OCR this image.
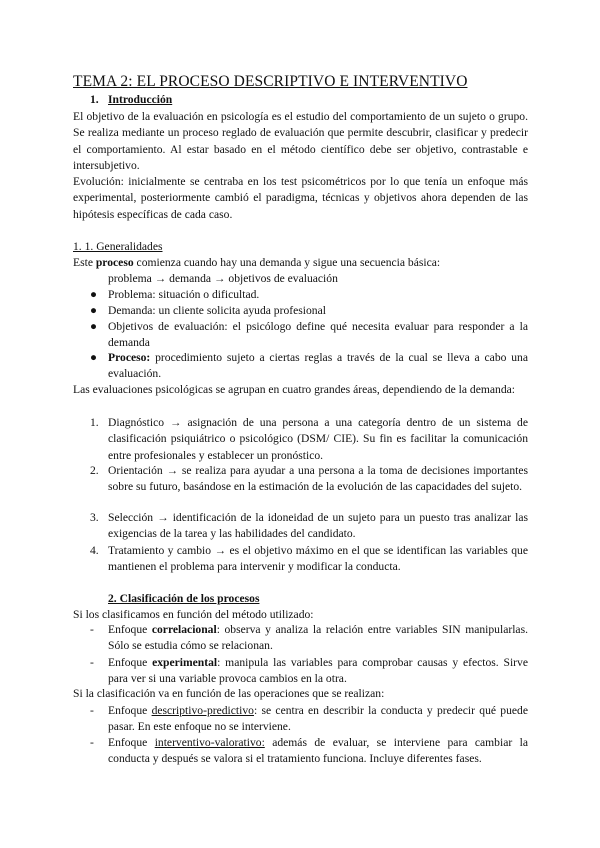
TEMA 2: EL PROCESO DESCRIPTIVO E INTERVENTIVO
1. Introducción
El objetivo de la evaluación en psicología es el estudio del comportamiento de un sujeto o grupo. Se realiza mediante un proceso reglado de evaluación que permite descubrir, clasificar y predecir el comportamiento. Al estar basado en el método científico debe ser objetivo, contrastable e intersubjetivo.
Evolución: inicialmente se centraba en los test psicométricos por lo que tenía un enfoque más experimental, posteriormente cambió el paradigma, técnicas y objetivos ahora dependen de las hipótesis específicas de cada caso.
1. 1. Generalidades
Este proceso comienza cuando hay una demanda y sigue una secuencia básica:
problema → demanda → objetivos de evaluación
● Problema: situación o dificultad.
● Demanda: un cliente solicita ayuda profesional
● Objetivos de evaluación: el psicólogo define qué necesita evaluar para responder a la demanda
● Proceso: procedimiento sujeto a ciertas reglas a través de la cual se lleva a cabo una evaluación.
Las evaluaciones psicológicas se agrupan en cuatro grandes áreas, dependiendo de la demanda:
1. Diagnóstico → asignación de una persona a una categoría dentro de un sistema de clasificación psiquiátrico o psicológico (DSM/ CIE). Su fin es facilitar la comunicación entre profesionales y establecer un pronóstico.
2. Orientación → se realiza para ayudar a una persona a la toma de decisiones importantes sobre su futuro, basándose en la estimación de la evolución de las capacidades del sujeto.
3. Selección → identificación de la idoneidad de un sujeto para un puesto tras analizar las exigencias de la tarea y las habilidades del candidato.
4. Tratamiento y cambio → es el objetivo máximo en el que se identifican las variables que mantienen el problema para intervenir y modificar la conducta.
2. Clasificación de los procesos
Si los clasificamos en función del método utilizado:
- Enfoque correlacional: observa y analiza la relación entre variables SIN manipularlas. Sólo se estudia cómo se relacionan.
- Enfoque experimental: manipula las variables para comprobar causas y efectos. Sirve para ver si una variable provoca cambios en la otra.
Si la clasificación va en función de las operaciones que se realizan:
- Enfoque descriptivo-predictivo: se centra en describir la conducta y predecir qué puede pasar. En este enfoque no se interviene.
- Enfoque interventivo-valorativo: además de evaluar, se interviene para cambiar la conducta y después se valora si el tratamiento funciona. Incluye diferentes fases.
